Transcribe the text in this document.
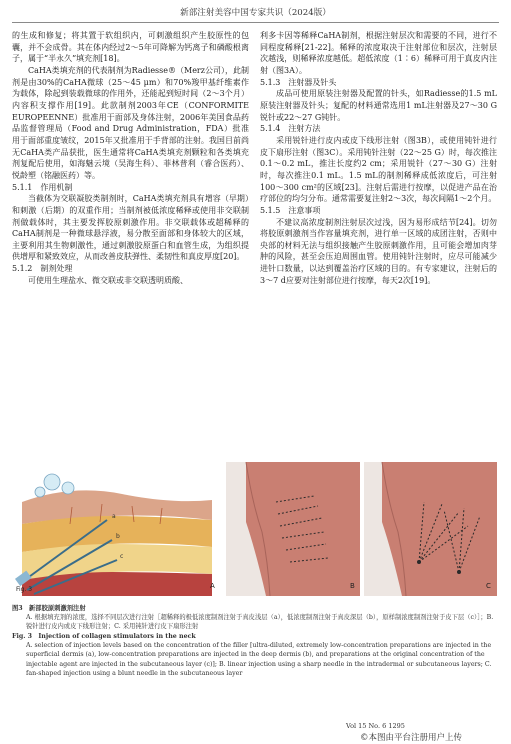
新部注射美容中国专家共识（2024版）

的生成和修复；将其置于软组织内，可刺激组织产生胶原性的包囊，并不会成骨。其在体内经过2～5年可降解为钙离子和磷酸根离子，属于“半永久”填充剂[18]。

CaHA类填充剂的代表制剂为Radiesse®（Merz公司），此制剂是由30%的CaHA微球（25～45 μm）和70%羧甲基纤维素作为载体，除起到装载微球的作用外，还能起到短时间（2～3个月）内容积支撑作用[19]。此款制剂2003年CE（CONFORMITE EUROPEENNE）批准用于面部及身体注射，2006年美国食品药品监督管理局（Food and Drug Administration，FDA）批准用于面部重度皱纹，2015年又批准用于手背部的注射。我国目前尚无CaHA类产品获批，医生通常将CaHA类填充剂颗粒和各类填充剂复配后使用，如海魅云境（吴海生科）、菲林普利（睿合医药）、悦龄塑（铭融医药）等。

5.1.1　作用机制

当截体为交联凝胶类制剂时，CaHA类填充剂具有增容（早期）和刺激（后期）的双重作用；当制剂被低浓度稀释或使用非交联制剂做载体时，其主要发挥胶原刺激作用。非交联载体或超稀释的CaHA制剂是一种微球悬浮液，易分散至面部和身体较大的区域，主要利用其生物刺激性，通过刺激胶原蛋白和血管生成，为组织提供增厚和紧致效应，从而改善皮肤弹性、柔韧性和真皮厚度[20]。

5.1.2　制剂处理

可使用生理盐水、微交联或非交联透明质酸、

利多卡因等稀释CaHA制剂，根据注射层次和需要的不同，进行不同程度稀释[21-22]。稀释的浓度取决于注射部位和层次，注射层次越浅，则稀释浓度越低。超低浓度（1∶6）稀释可用于真皮内注射（图3A）。

5.1.3　注射器及针头

成品可使用原装注射器及配置的针头，如Radiesse的1.5 mL原装注射器及针头；复配的材料通常选用1 mL注射器及27～30 G锐针或22～27 G钝针。

5.1.4　注射方法

采用锐针进行皮内或皮下线形注射（图3B），或使用钝针进行皮下扇形注射（图3C）。采用钝针注射（22～25 G）时，每次推注0.1～0.2 mL，推注长度约2 cm；采用锐针（27～30 G）注射时，每次推注0.1 mL。1.5 mL的制剂稀释成低浓度后，可注射100～300 cm²的区域[23]。注射后需进行按摩，以促进产品在治疗部位的均匀分布。通常需要复注射2～3次，每次间隔1～2个月。

5.1.5　注意事项

不建议高浓度制剂注射层次过浅，因为易形成结节[24]。切勿将胶原刺激剂当作容量填充剂，进行单一区域的成团注射，否则中央部的材料无法与组织接触产生胶原刺激作用，且可能会增加肉芽肿的风险，甚至会压迫周围血管。使用钝针注射时，应尽可能减少进针口数量，以达到覆盖治疗区域的目的。有专家建议，注射后的3～7 d应要对注射部位进行按摩，每天2次[19]。

a
b
c
A	B	C
Fig. 3
图3　新部胶原刺激剂注射
A. 根据填充剂的浓度，选择不同层次进行注射［超稀释的极低浓度制剂注射于真皮浅层（a），低浓度制剂注射于真皮深层（b），原样制浓度制剂注射于皮下层（c）］；B. 锐针进行皮内或皮下线形注射；C. 采用钝针进行皮下扇形注射
Fig. 3　Injection of collagen stimulators in the neck
A. selection of injection levels based on the concentration of the filler [ultra-diluted, extremely low-concentration preparations are injected in the superficial dermis (a), low-concentration preparations are injected in the deep dermis (b), and preparations at the original concentration of the injectable agent are injected in the subcutaneous layer (c)]; B. linear injection using a sharp needle in the intradermal or subcutaneous layers; C. fan-shaped injection using a blunt needle in the subcutaneous layer
Vol 15 No. 6 1295
©本图由平台注册用户上传
